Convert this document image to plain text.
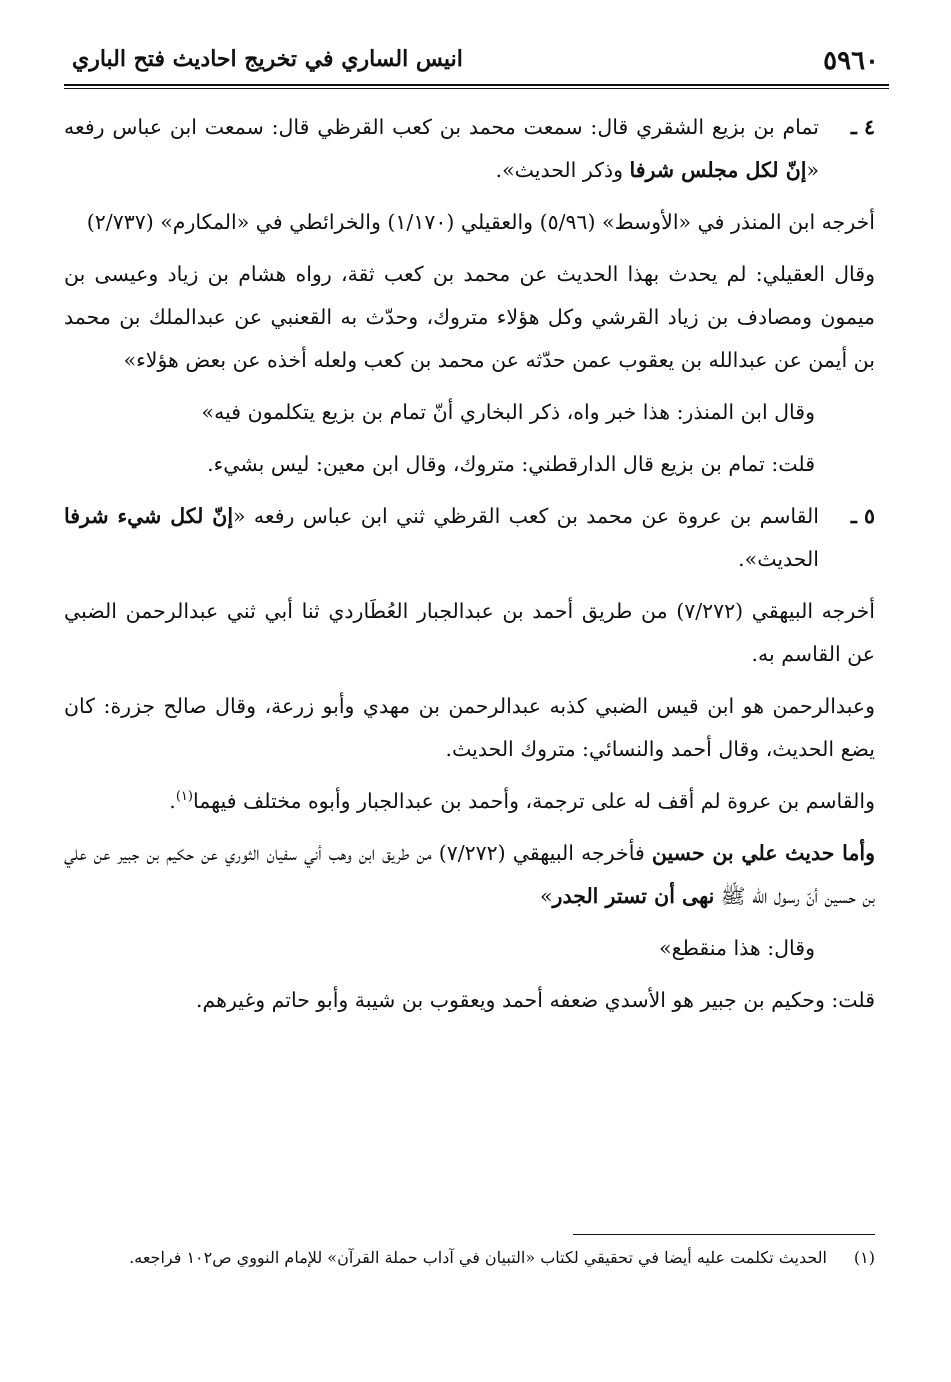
٥٩٦٠
انيس الساري في تخريج احاديث فتح الباري
٤ ـ
تمام بن بزيع الشقري قال: سمعت محمد بن كعب القرظي قال: سمعت ابن عباس رفعه «إنّ لكل مجلس شرفا وذكر الحديث».

أخرجه ابن المنذر في «الأوسط» (٥/٩٦) والعقيلي (١/١٧٠) والخرائطي في «المكارم» (٢/٧٣٧)

وقال العقيلي: لم يحدث بهذا الحديث عن محمد بن كعب ثقة، رواه هشام بن زياد وعيسى بن ميمون ومصادف بن زياد القرشي وكل هؤلاء متروك، وحدّث به القعنبي عن عبدالملك بن محمد بن أيمن عن عبدالله بن يعقوب عمن حدّثه عن محمد بن كعب ولعله أخذه عن بعض هؤلاء»

وقال ابن المنذر: هذا خبر واه، ذكر البخاري أنّ تمام بن بزيع يتكلمون فيه»

قلت: تمام بن بزيع قال الدارقطني: متروك، وقال ابن معين: ليس بشيء.

٥ ـ
القاسم بن عروة عن محمد بن كعب القرظي ثني ابن عباس رفعه «إنّ لكل شيء شرفا الحديث».

أخرجه البيهقي (٧/٢٧٢) من طريق أحمد بن عبدالجبار العُطَاردي ثنا أبي ثني عبدالرحمن الضبي عن القاسم به.

وعبدالرحمن هو ابن قيس الضبي كذبه عبدالرحمن بن مهدي وأبو زرعة، وقال صالح جزرة: كان يضع الحديث، وقال أحمد والنسائي: متروك الحديث.

والقاسم بن عروة لم أقف له على ترجمة، وأحمد بن عبدالجبار وأبوه مختلف فيهما$^{(١)}$.

وأما حديث علي بن حسين فأخرجه البيهقي (٧/٢٧٢) من طريق ابن وهب أني سفيان الثوري عن حكيم بن جبير عن علي بن حسين أنّ رسول الله ﷺ نهى أن تستر الجدر»

وقال: هذا منقطع»

قلت: وحكيم بن جبير هو الأسدي ضعفه أحمد ويعقوب بن شيبة وأبو حاتم وغيرهم.

(١)
الحديث تكلمت عليه أيضا في تحقيقي لكتاب «التبيان في آداب حملة القرآن» للإمام النووي ص١٠٢ فراجعه.
